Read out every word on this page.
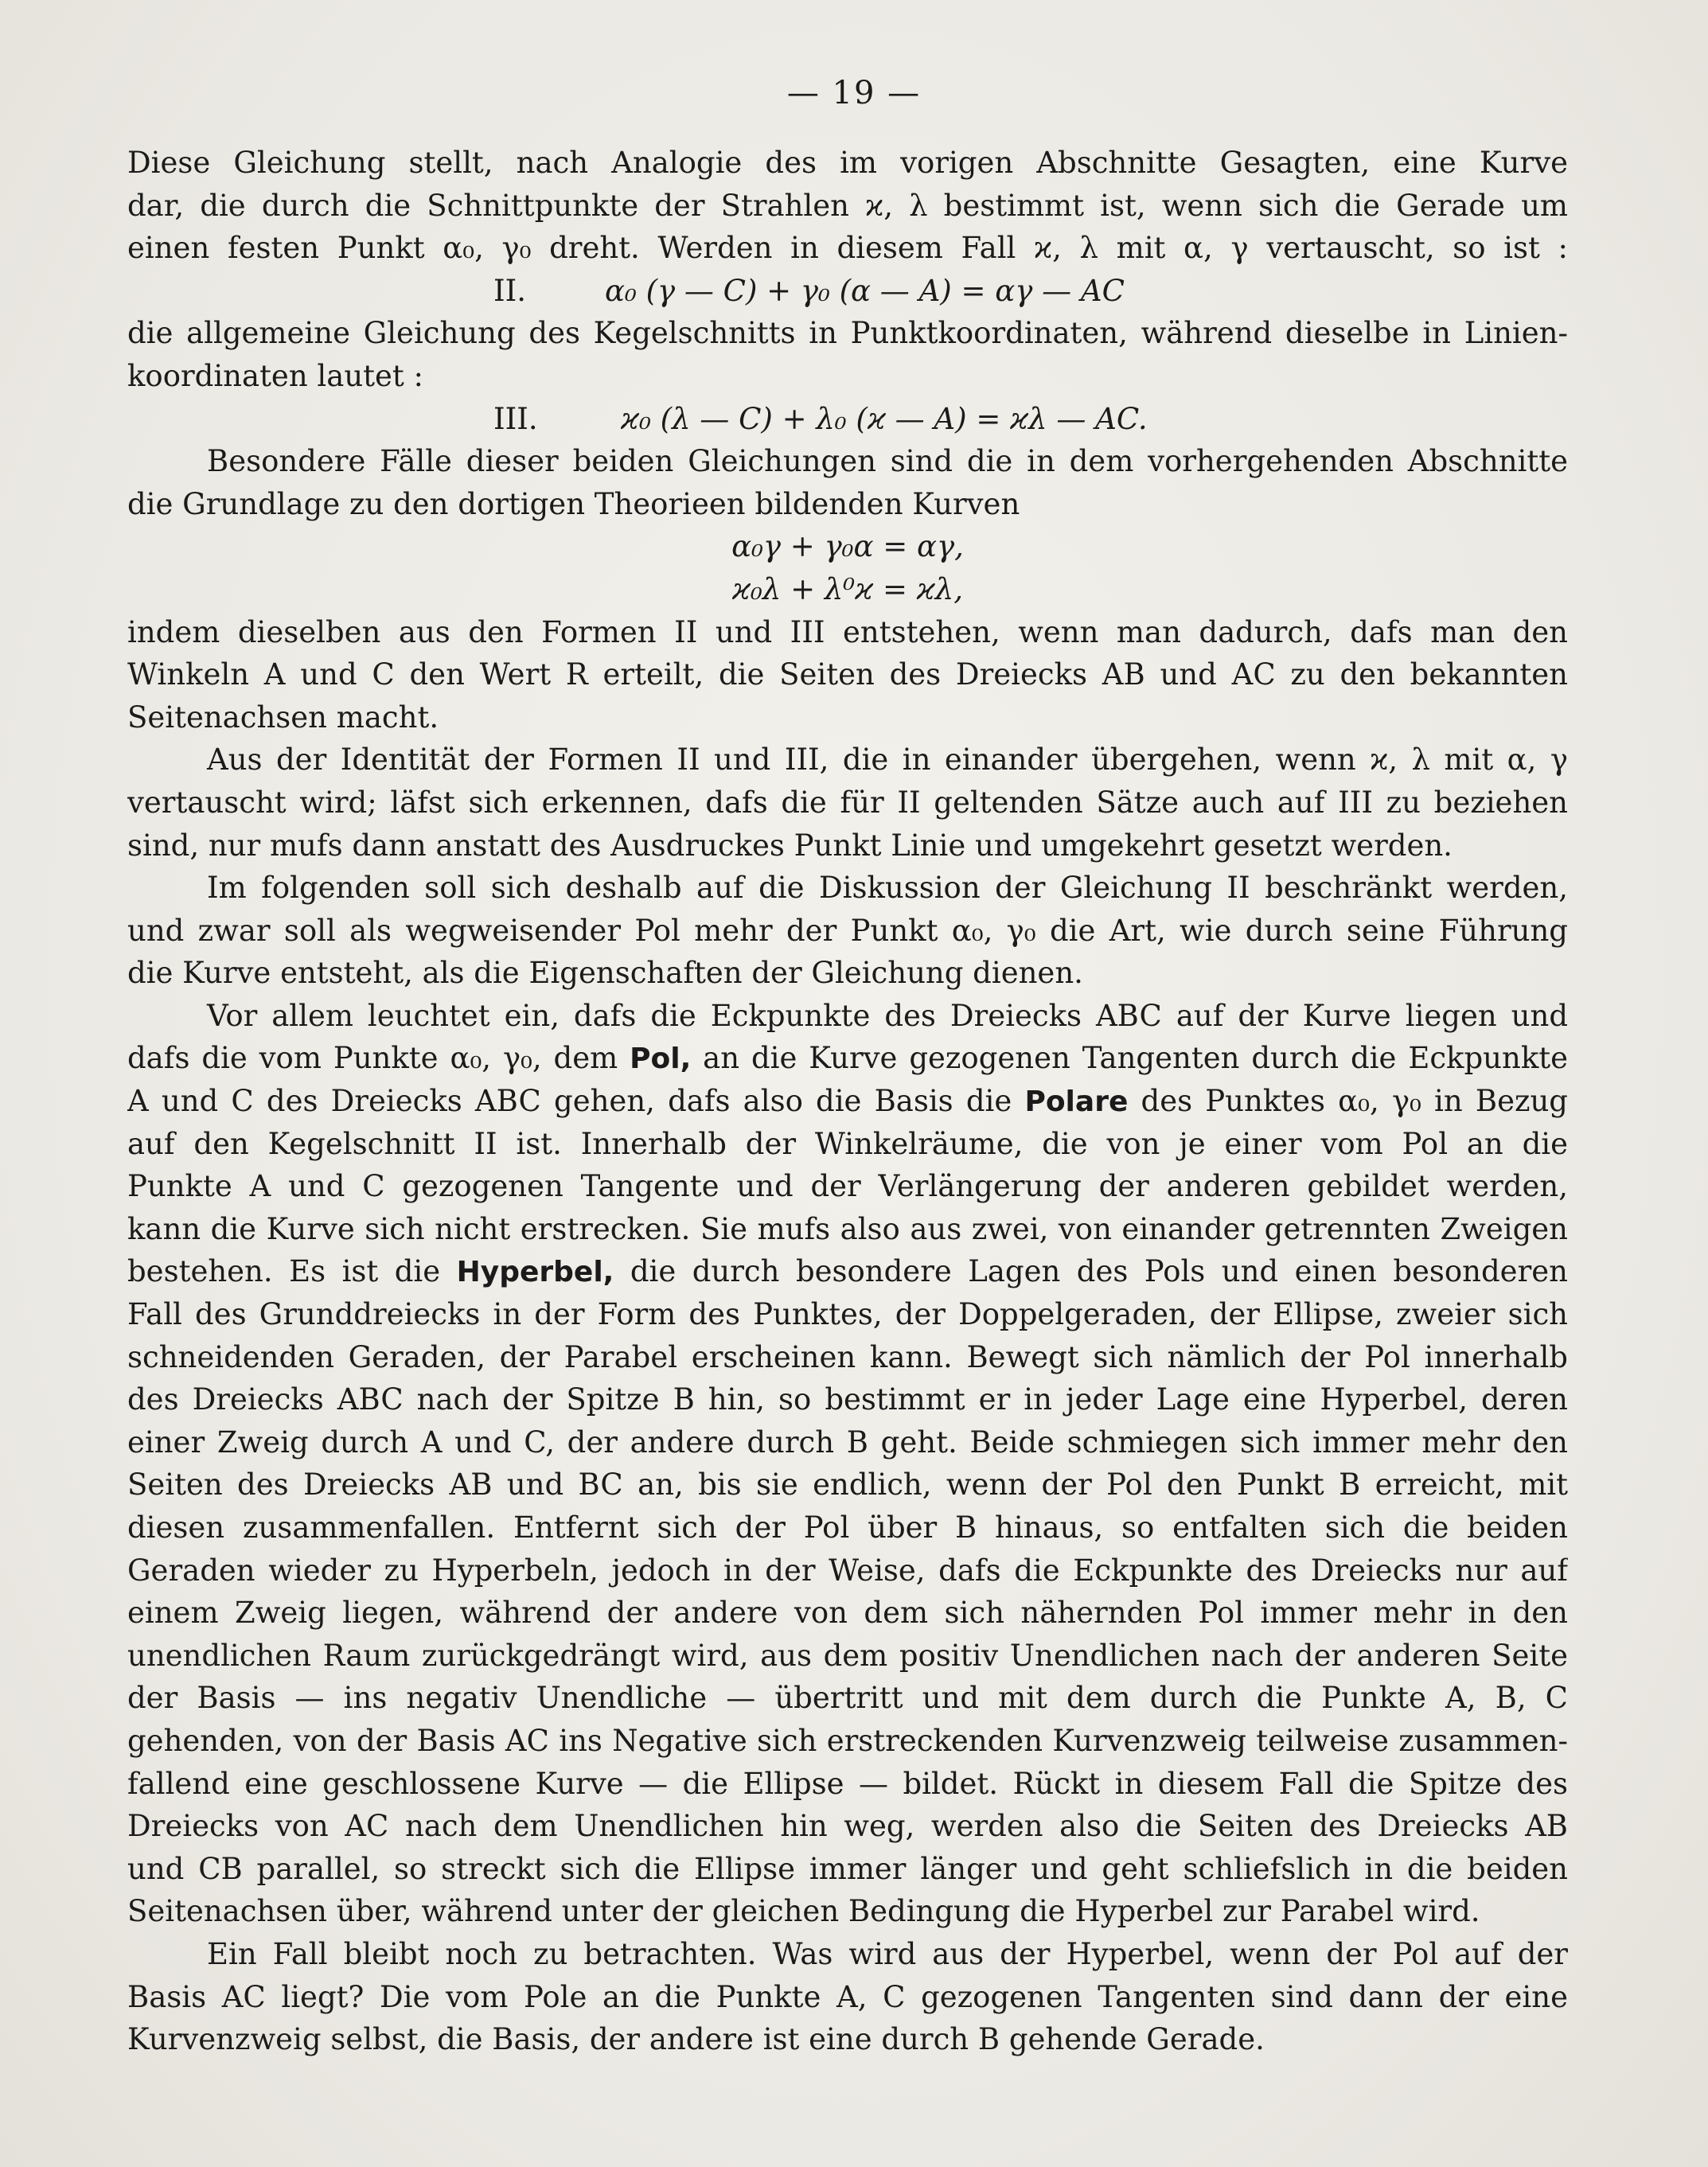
— 19 —
Diese Gleichung stellt, nach Analogie des im vorigen Abschnitte Gesagten, eine Kurve
dar, die durch die Schnittpunkte der Strahlen ϰ, λ bestimmt ist, wenn sich die Gerade um
einen festen Punkt α₀, γ₀ dreht. Werden in diesem Fall ϰ, λ mit α, γ vertauscht, so ist :
II.	α₀ (γ — C) + γ₀ (α — A) = αγ — AC
die allgemeine Gleichung des Kegelschnitts in Punktkoordinaten, während dieselbe in Linien-
koordinaten lautet :
III.	ϰ₀ (λ — C) + λ₀ (ϰ — A) = ϰλ — AC.
Besondere Fälle dieser beiden Gleichungen sind die in dem vorhergehenden Abschnitte
die Grundlage zu den dortigen Theorieen bildenden Kurven
α₀γ + γ₀α = αγ,
ϰ₀λ + λ⁰ϰ = ϰλ,
indem dieselben aus den Formen II und III entstehen, wenn man dadurch, dafs man den
Winkeln A und C den Wert R erteilt, die Seiten des Dreiecks AB und AC zu den bekannten
Seitenachsen macht.
Aus der Identität der Formen II und III, die in einander übergehen, wenn ϰ, λ mit α, γ
vertauscht wird; läfst sich erkennen, dafs die für II geltenden Sätze auch auf III zu beziehen
sind, nur mufs dann anstatt des Ausdruckes Punkt Linie und umgekehrt gesetzt werden.
Im folgenden soll sich deshalb auf die Diskussion der Gleichung II beschränkt werden,
und zwar soll als wegweisender Pol mehr der Punkt α₀, γ₀ die Art, wie durch seine Führung
die Kurve entsteht, als die Eigenschaften der Gleichung dienen.
Vor allem leuchtet ein, dafs die Eckpunkte des Dreiecks ABC auf der Kurve liegen und
dafs die vom Punkte α₀, γ₀, dem Pol, an die Kurve gezogenen Tangenten durch die Eckpunkte
A und C des Dreiecks ABC gehen, dafs also die Basis die Polare des Punktes α₀, γ₀ in Bezug
auf den Kegelschnitt II ist. Innerhalb der Winkelräume, die von je einer vom Pol an die
Punkte A und C gezogenen Tangente und der Verlängerung der anderen gebildet werden,
kann die Kurve sich nicht erstrecken. Sie mufs also aus zwei, von einander getrennten Zweigen
bestehen. Es ist die Hyperbel, die durch besondere Lagen des Pols und einen besonderen
Fall des Grunddreiecks in der Form des Punktes, der Doppelgeraden, der Ellipse, zweier sich
schneidenden Geraden, der Parabel erscheinen kann. Bewegt sich nämlich der Pol innerhalb
des Dreiecks ABC nach der Spitze B hin, so bestimmt er in jeder Lage eine Hyperbel, deren
einer Zweig durch A und C, der andere durch B geht. Beide schmiegen sich immer mehr den
Seiten des Dreiecks AB und BC an, bis sie endlich, wenn der Pol den Punkt B erreicht, mit
diesen zusammenfallen. Entfernt sich der Pol über B hinaus, so entfalten sich die beiden
Geraden wieder zu Hyperbeln, jedoch in der Weise, dafs die Eckpunkte des Dreiecks nur auf
einem Zweig liegen, während der andere von dem sich nähernden Pol immer mehr in den
unendlichen Raum zurückgedrängt wird, aus dem positiv Unendlichen nach der anderen Seite
der Basis — ins negativ Unendliche — übertritt und mit dem durch die Punkte A, B, C
gehenden, von der Basis AC ins Negative sich erstreckenden Kurvenzweig teilweise zusammen-
fallend eine geschlossene Kurve — die Ellipse — bildet. Rückt in diesem Fall die Spitze des
Dreiecks von AC nach dem Unendlichen hin weg, werden also die Seiten des Dreiecks AB
und CB parallel, so streckt sich die Ellipse immer länger und geht schliefslich in die beiden
Seitenachsen über, während unter der gleichen Bedingung die Hyperbel zur Parabel wird.
Ein Fall bleibt noch zu betrachten. Was wird aus der Hyperbel, wenn der Pol auf der
Basis AC liegt? Die vom Pole an die Punkte A, C gezogenen Tangenten sind dann der eine
Kurvenzweig selbst, die Basis, der andere ist eine durch B gehende Gerade.
